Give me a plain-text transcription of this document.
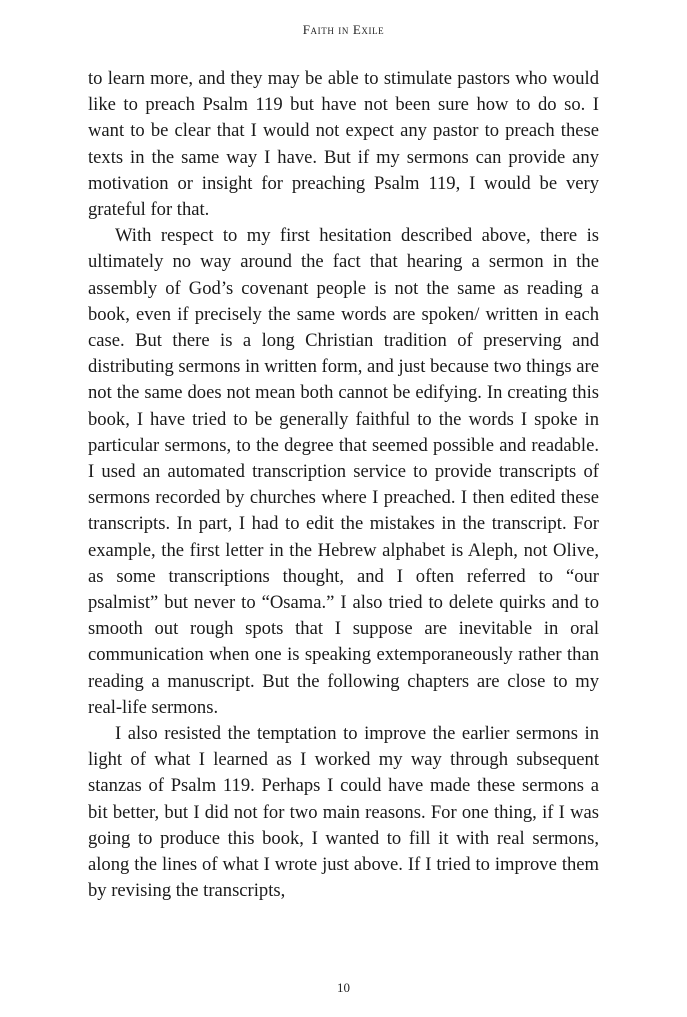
Faith in Exile

to learn more, and they may be able to stimulate pastors who would like to preach Psalm 119 but have not been sure how to do so. I want to be clear that I would not expect any pastor to preach these texts in the same way I have. But if my sermons can provide any motivation or insight for preaching Psalm 119, I would be very grateful for that.

With respect to my first hesitation described above, there is ultimately no way around the fact that hearing a sermon in the assembly of God’s covenant people is not the same as reading a book, even if precisely the same words are spoken/ written in each case. But there is a long Christian tradition of preserving and distributing sermons in written form, and just because two things are not the same does not mean both cannot be edifying. In creating this book, I have tried to be generally faithful to the words I spoke in particular sermons, to the degree that seemed possible and readable. I used an automated transcription service to provide transcripts of sermons recorded by churches where I preached. I then edited these transcripts. In part, I had to edit the mistakes in the transcript. For example, the first letter in the Hebrew alphabet is Aleph, not Olive, as some transcriptions thought, and I often referred to “our psalmist” but never to “Osama.” I also tried to delete quirks and to smooth out rough spots that I suppose are inevitable in oral communication when one is speaking extemporaneously rather than reading a manuscript. But the following chapters are close to my real-life sermons.

I also resisted the temptation to improve the earlier sermons in light of what I learned as I worked my way through subsequent stanzas of Psalm 119. Perhaps I could have made these sermons a bit better, but I did not for two main reasons. For one thing, if I was going to produce this book, I wanted to fill it with real sermons, along the lines of what I wrote just above. If I tried to improve them by revising the transcripts,

10
